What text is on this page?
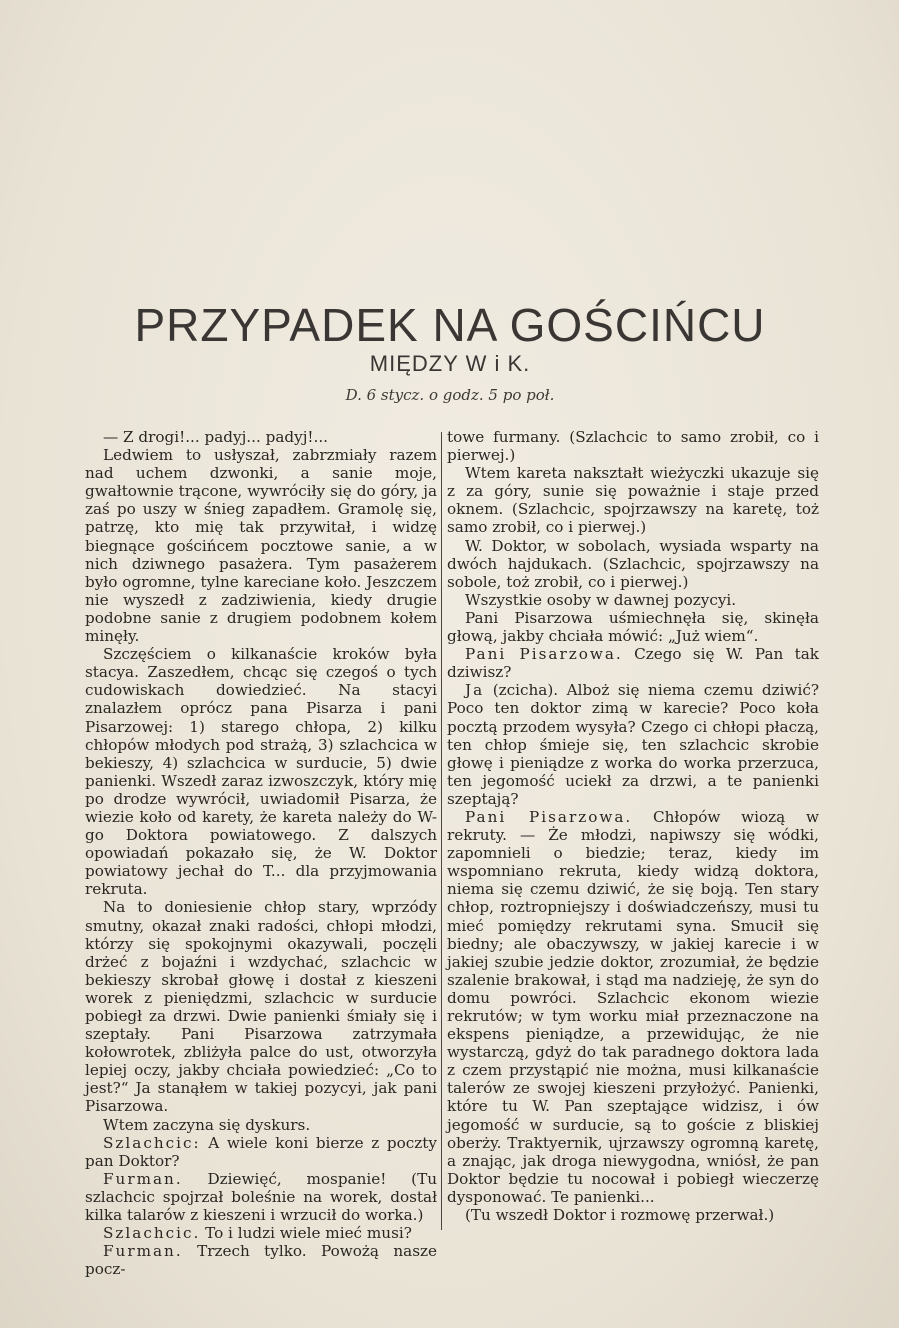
PRZYPADEK NA GOŚCIŃCU
MIĘDZY W i K.
D. 6 stycz. o godz. 5 po poł.

— Z drogi!... padyj... padyj!...

Ledwiem to usłyszał, zabrzmiały razem nad uchem dzwonki, a sanie moje, gwałtownie trącone, wywróciły się do góry, ja zaś po uszy w śnieg zapadłem. Gramolę się, patrzę, kto mię tak przywitał, i widzę biegnące gościńcem pocztowe sanie, a w nich dziwnego pasażera. Tym pasażerem było ogromne, tylne kareciane koło. Jeszczem nie wyszedł z zadziwienia, kiedy drugie podobne sanie z drugiem podobnem kołem minęły.

Szczęściem o kilkanaście kroków była stacya. Zaszedłem, chcąc się czegoś o tych cudowiskach dowiedzieć. Na stacyi znalazłem oprócz pana Pisarza i pani Pisarzowej: 1) starego chłopa, 2) kilku chłopów młodych pod strażą, 3) szlachcica w bekieszy, 4) szlachcica w surducie, 5) dwie panienki. Wszedł zaraz izwoszczyk, który mię po drodze wywrócił, uwiadomił Pisarza, że wiezie koło od karety, że kareta należy do W-go Doktora powiatowego. Z dalszych opowiadań pokazało się, że W. Doktor powiatowy jechał do T... dla przyjmowania rekruta.

Na to doniesienie chłop stary, wprzódy smutny, okazał znaki radości, chłopi młodzi, którzy się spokojnymi okazywali, poczęli drżeć z bojaźni i wzdychać, szlachcic w bekieszy skrobał głowę i dostał z kieszeni worek z pieniędzmi, szlachcic w surducie pobiegł za drzwi. Dwie panienki śmiały się i szeptały. Pani Pisarzowa zatrzymała kołowrotek, zbliżyła palce do ust, otworzyła lepiej oczy, jakby chciała powiedzieć: „Co to jest?“ Ja stanąłem w takiej pozycyi, jak pani Pisarzowa.

Wtem zaczyna się dyskurs.

Szlachcic: A wiele koni bierze z poczty pan Doktor?

Furman. Dziewięć, mospanie! (Tu szlachcic spojrzał boleśnie na worek, dostał kilka talarów z kieszeni i wrzucił do worka.)

Szlachcic. To i ludzi wiele mieć musi?

Furman. Trzech tylko. Powożą nasze pocz-

towe furmany. (Szlachcic to samo zrobił, co i pierwej.)

Wtem kareta nakształt wieżyczki ukazuje się z za góry, sunie się poważnie i staje przed oknem. (Szlachcic, spojrzawszy na karetę, toż samo zrobił, co i pierwej.)

W. Doktor, w sobolach, wysiada wsparty na dwóch hajdukach. (Szlachcic, spojrzawszy na sobole, toż zrobił, co i pierwej.)

Wszystkie osoby w dawnej pozycyi.

Pani Pisarzowa uśmiechnęła się, skinęła głową, jakby chciała mówić: „Już wiem“.

Pani Pisarzowa. Czego się W. Pan tak dziwisz?

Ja (zcicha). Alboż się niema czemu dziwić? Poco ten doktor zimą w karecie? Poco koła pocztą przodem wysyła? Czego ci chłopi płaczą, ten chłop śmieje się, ten szlachcic skrobie głowę i pieniądze z worka do worka przerzuca, ten jegomość uciekł za drzwi, a te panienki szeptają?

Pani Pisarzowa. Chłopów wiozą w rekruty. — Że młodzi, napiwszy się wódki, zapomnieli o biedzie; teraz, kiedy im wspomniano rekruta, kiedy widzą doktora, niema się czemu dziwić, że się boją. Ten stary chłop, roztropniejszy i doświadczeńszy, musi tu mieć pomiędzy rekrutami syna. Smucił się biedny; ale obaczywszy, w jakiej karecie i w jakiej szubie jedzie doktor, zrozumiał, że będzie szalenie brakował, i stąd ma nadzieję, że syn do domu powróci. Szlachcic ekonom wiezie rekrutów; w tym worku miał przeznaczone na ekspens pieniądze, a przewidując, że nie wystarczą, gdyż do tak paradnego doktora lada z czem przystąpić nie można, musi kilkanaście talerów ze swojej kieszeni przyłożyć. Panienki, które tu W. Pan szeptające widzisz, i ów jegomość w surducie, są to goście z bliskiej oberży. Traktyernik, ujrzawszy ogromną karetę, a znając, jak droga niewygodna, wniósł, że pan Doktor będzie tu nocował i pobiegł wieczerzę dysponować. Te panienki...

(Tu wszedł Doktor i rozmowę przerwał.)
